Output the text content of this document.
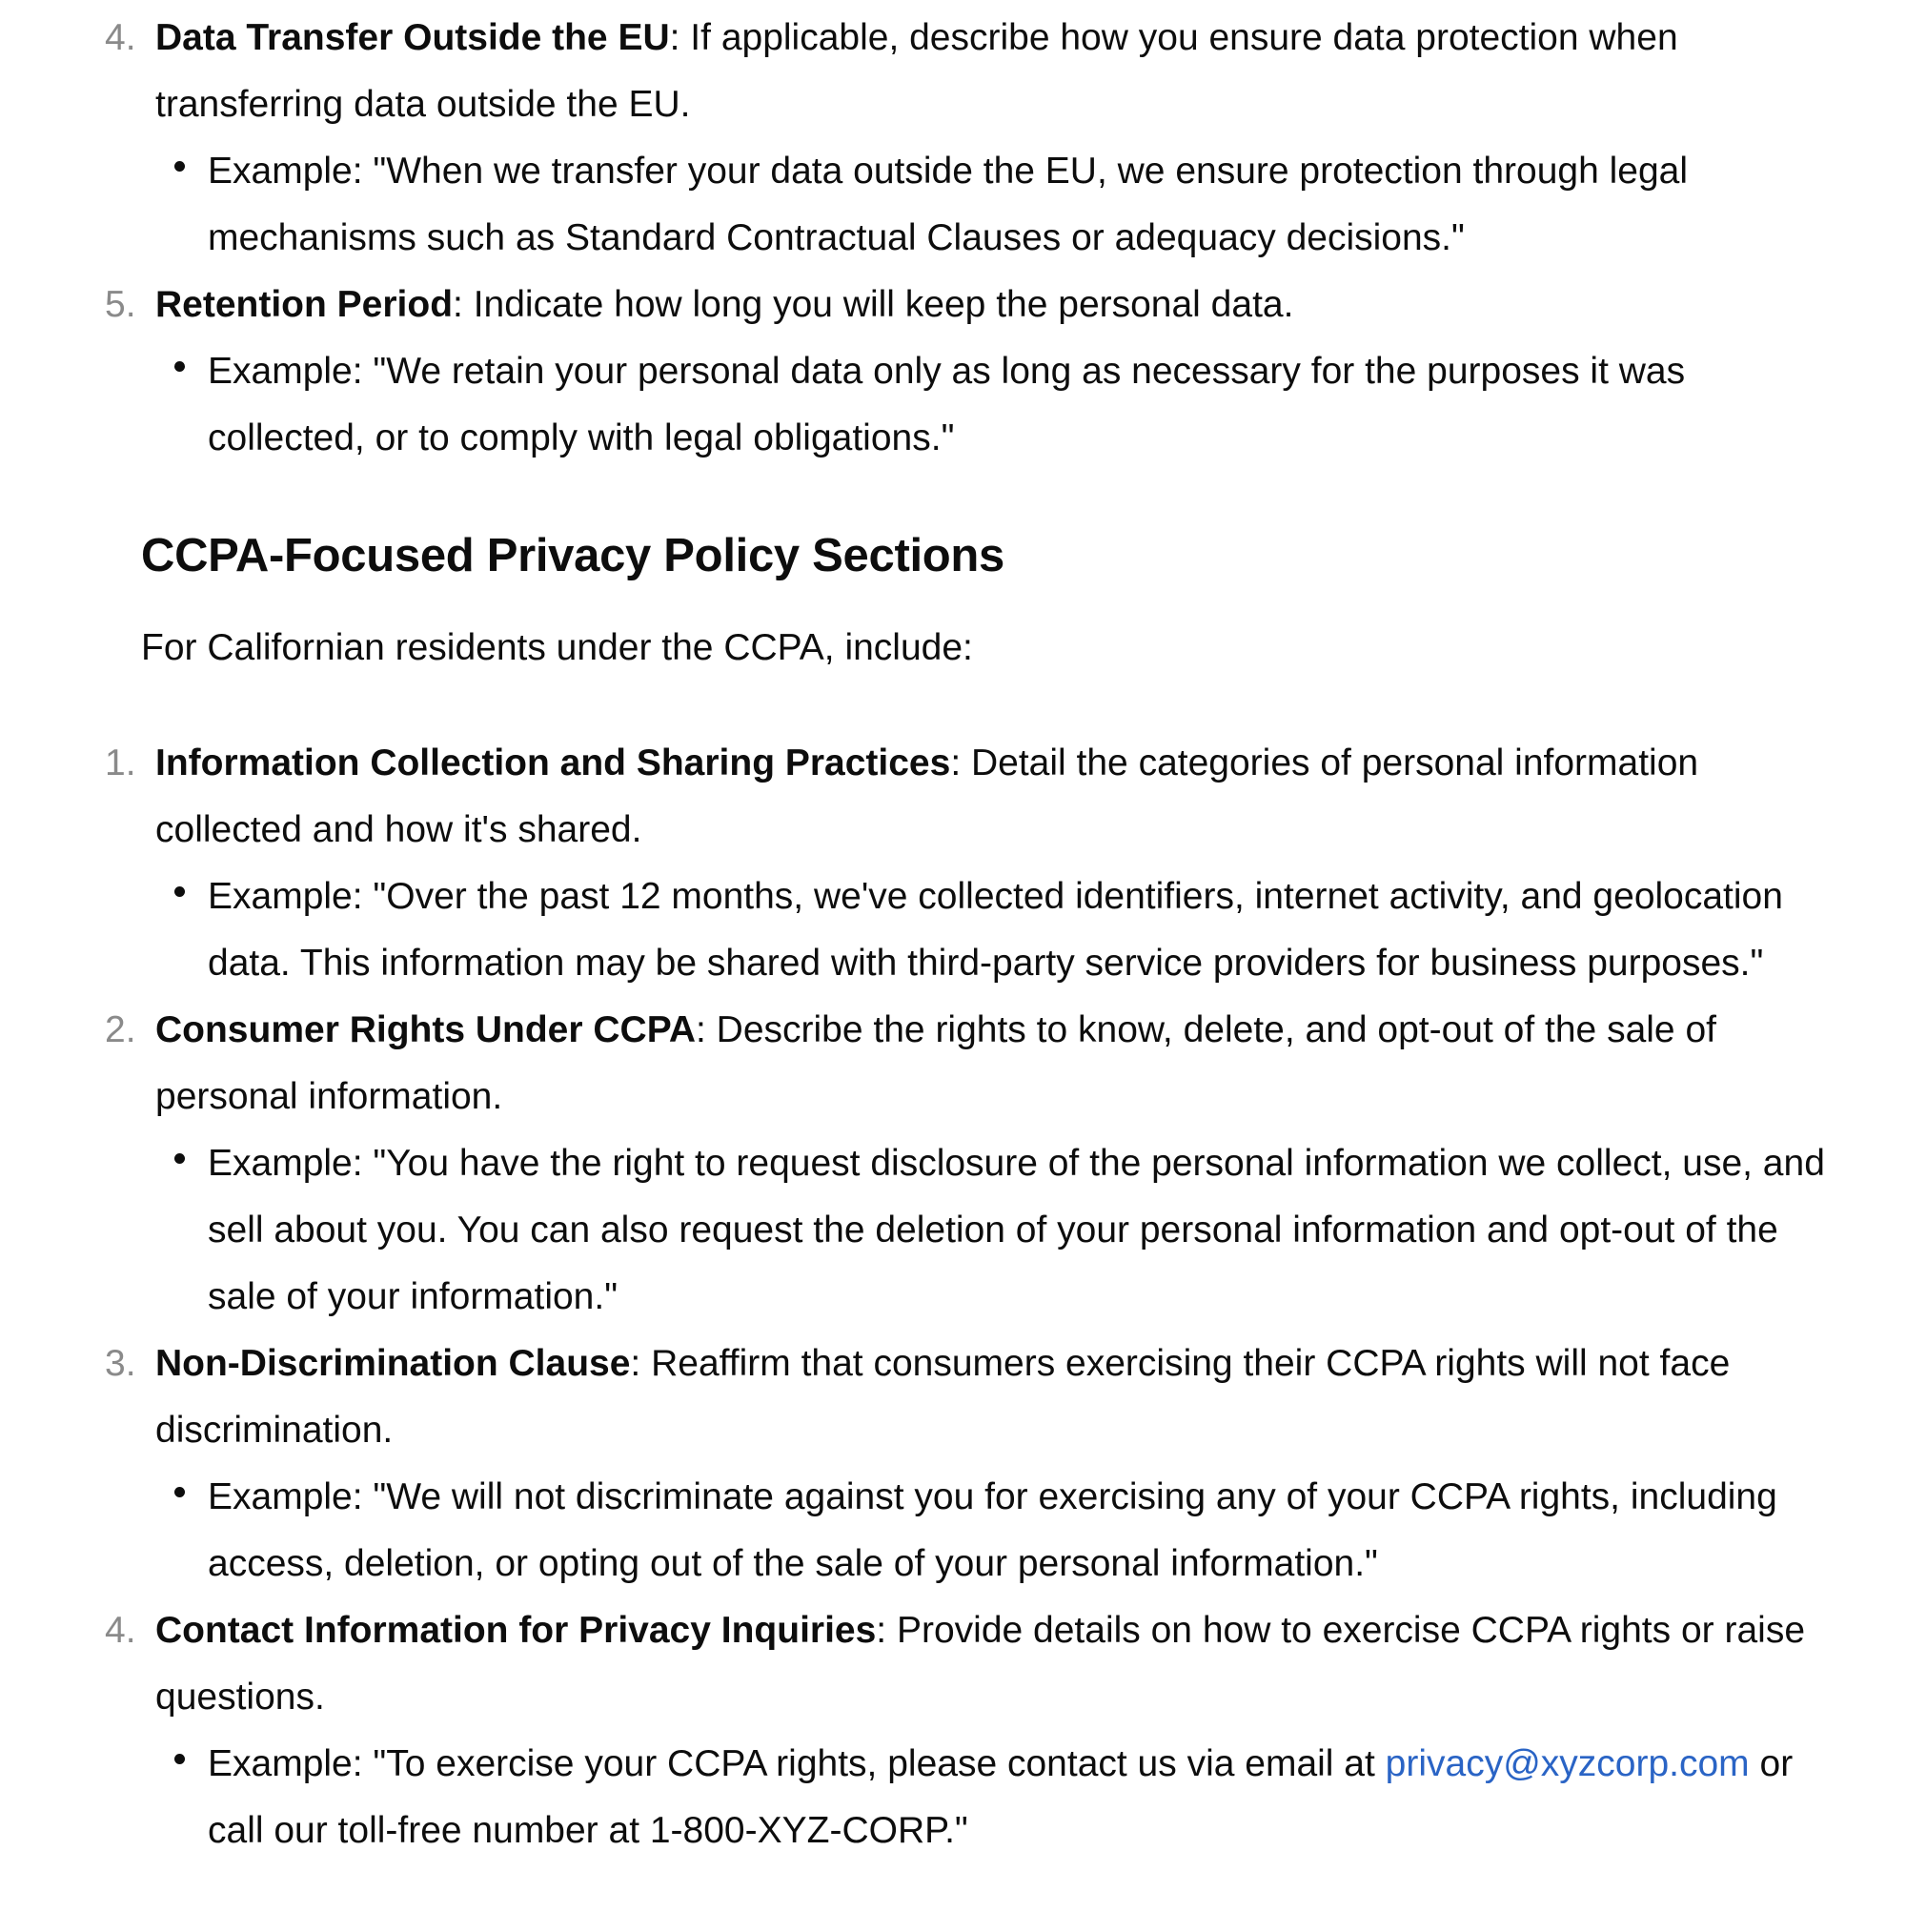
4. Data Transfer Outside the EU: If applicable, describe how you ensure data protection when transferring data outside the EU.
Example: "When we transfer your data outside the EU, we ensure protection through legal mechanisms such as Standard Contractual Clauses or adequacy decisions."
5. Retention Period: Indicate how long you will keep the personal data.
Example: "We retain your personal data only as long as necessary for the purposes it was collected, or to comply with legal obligations."
CCPA-Focused Privacy Policy Sections
For Californian residents under the CCPA, include:
1. Information Collection and Sharing Practices: Detail the categories of personal information collected and how it's shared.
Example: "Over the past 12 months, we've collected identifiers, internet activity, and geolocation data. This information may be shared with third-party service providers for business purposes."
2. Consumer Rights Under CCPA: Describe the rights to know, delete, and opt-out of the sale of personal information.
Example: "You have the right to request disclosure of the personal information we collect, use, and sell about you. You can also request the deletion of your personal information and opt-out of the sale of your information."
3. Non-Discrimination Clause: Reaffirm that consumers exercising their CCPA rights will not face discrimination.
Example: "We will not discriminate against you for exercising any of your CCPA rights, including access, deletion, or opting out of the sale of your personal information."
4. Contact Information for Privacy Inquiries: Provide details on how to exercise CCPA rights or raise questions.
Example: "To exercise your CCPA rights, please contact us via email at privacy@xyzcorp.com or call our toll-free number at 1-800-XYZ-CORP."
